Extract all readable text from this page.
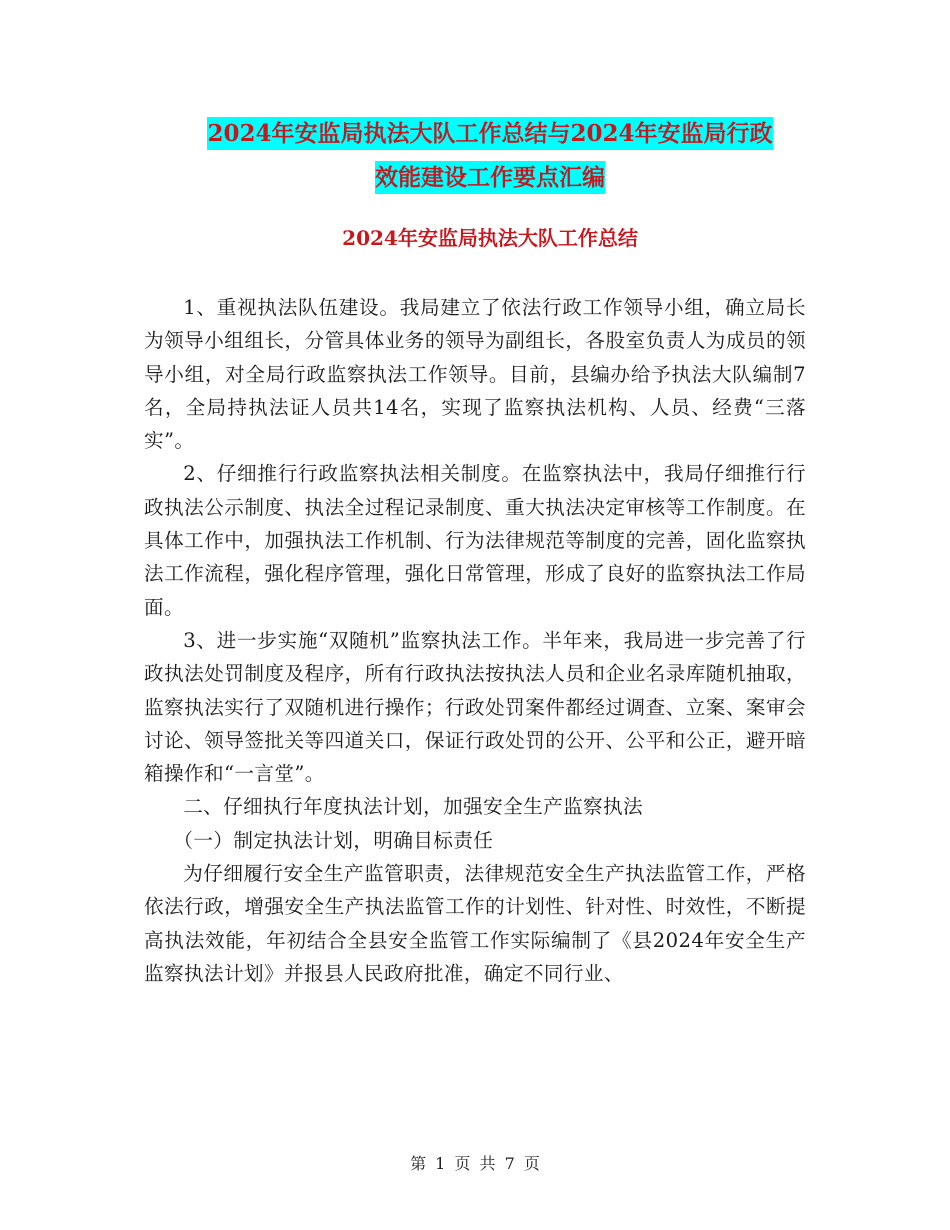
2024年安监局执法大队工作总结与2024年安监局行政
效能建设工作要点汇编
2024年安监局执法大队工作总结

1、重视执法队伍建设。我局建立了依法行政工作领导小组，确立局长为领导小组组长，分管具体业务的领导为副组长，各股室负责人为成员的领导小组，对全局行政监察执法工作领导。目前，县编办给予执法大队编制7名，全局持执法证人员共14名，实现了监察执法机构、人员、经费“三落实”。

2、仔细推行行政监察执法相关制度。在监察执法中，我局仔细推行行政执法公示制度、执法全过程记录制度、重大执法决定审核等工作制度。在具体工作中，加强执法工作机制、行为法律规范等制度的完善，固化监察执法工作流程，强化程序管理，强化日常管理，形成了良好的监察执法工作局面。

3、进一步实施“双随机”监察执法工作。半年来，我局进一步完善了行政执法处罚制度及程序，所有行政执法按执法人员和企业名录库随机抽取，监察执法实行了双随机进行操作；行政处罚案件都经过调查、立案、案审会讨论、领导签批关等四道关口，保证行政处罚的公开、公平和公正，避开暗箱操作和“一言堂”。

二、仔细执行年度执法计划，加强安全生产监察执法

（一）制定执法计划，明确目标责任

为仔细履行安全生产监管职责，法律规范安全生产执法监管工作，严格依法行政，增强安全生产执法监管工作的计划性、针对性、时效性，不断提高执法效能，年初结合全县安全监管工作实际编制了《县2024年安全生产监察执法计划》并报县人民政府批准，确定不同行业、

第 1 页 共 7 页
